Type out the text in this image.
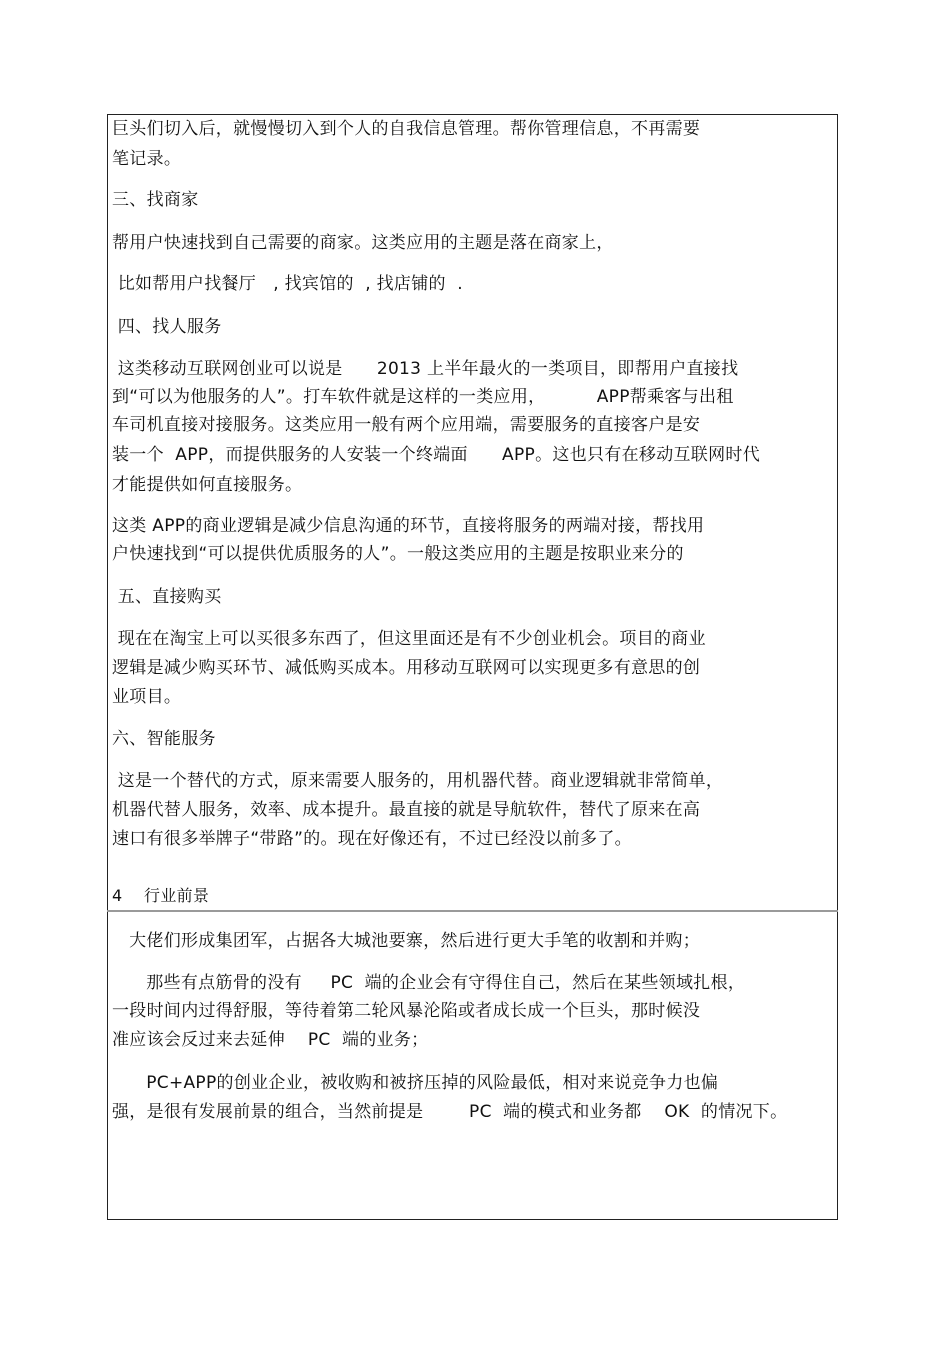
巨头们切入后，就慢慢切入到个人的自我信息管理。帮你管理信息，不再需要
笔记录。
三、找商家
帮用户快速找到自己需要的商家。这类应用的主题是落在商家上，
比如帮用户找餐厅   , 找宾馆的  , 找店铺的  .
四、找人服务
这类移动互联网创业可以说是      2013 上半年最火的一类项目，即帮用户直接找
到“可以为他服务的人”。打车软件就是这样的一类应用，         APP帮乘客与出租
车司机直接对接服务。这类应用一般有两个应用端，需要服务的直接客户是安
装一个  APP，而提供服务的人安装一个终端面      APP。这也只有在移动互联网时代
才能提供如何直接服务。
这类 APP的商业逻辑是减少信息沟通的环节，直接将服务的两端对接，帮找用
户快速找到“可以提供优质服务的人”。一般这类应用的主题是按职业来分的
五、直接购买
现在在淘宝上可以买很多东西了，但这里面还是有不少创业机会。项目的商业
逻辑是减少购买环节、减低购买成本。用移动互联网可以实现更多有意思的创
业项目。
六、智能服务
这是一个替代的方式，原来需要人服务的，用机器代替。商业逻辑就非常简单，
机器代替人服务，效率、成本提升。最直接的就是导航软件，替代了原来在高
速口有很多举牌子“带路”的。现在好像还有，不过已经没以前多了。
4    行业前景
大佬们形成集团军，占据各大城池要寨，然后进行更大手笔的收割和并购；
那些有点筋骨的没有     PC  端的企业会有守得住自己，然后在某些领域扎根，
一段时间内过得舒服，等待着第二轮风暴沦陷或者成长成一个巨头，那时候没
准应该会反过来去延伸    PC  端的业务；
PC+APP的创业企业，被收购和被挤压掉的风险最低，相对来说竞争力也偏
强，是很有发展前景的组合，当然前提是        PC  端的模式和业务都    OK  的情况下。
